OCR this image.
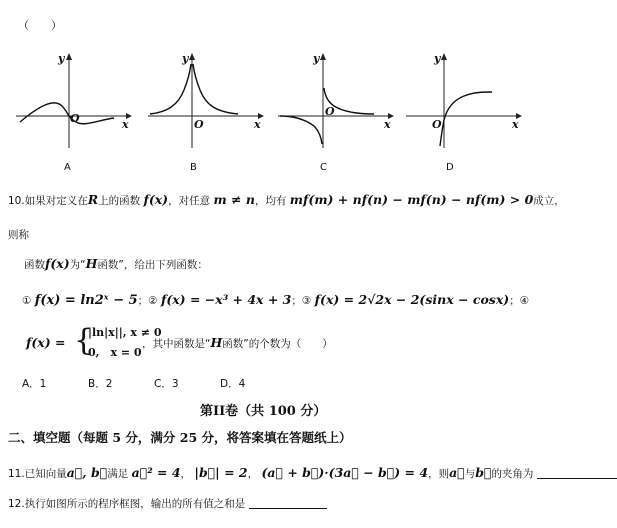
（　　）
y
x
O
A
y
x
O
B
y
x
O
C
y
x
O
D
10.如果对定义在R上的函数 f(x)，对任意 m ≠ n，均有 mf(m) + nf(n) − mf(n) − nf(m) > 0成立，
则称
函数f(x)为“H函数”，给出下列函数：
① f(x) = ln2ˣ − 5；② f(x) = −x³ + 4x + 3；③ f(x) = 2√2x − 2(sinx − cosx)；④
f(x) = {
|ln|x||, x ≠ 0
0,　x = 0
，其中函数是“H函数”的个数为（　　）
A．1	B．2	C．3	D．4
第II卷（共 100 分）
二、填空题（每题 5 分，满分 25 分，将答案填在答题纸上）
11.已知向量a⃗, b⃗满足 a⃗² = 4， |b⃗| = 2， (a⃗ + b⃗)·(3a⃗ − b⃗) = 4，则a⃗与b⃗的夹角为
12.执行如图所示的程序框图，输出的所有值之和是
